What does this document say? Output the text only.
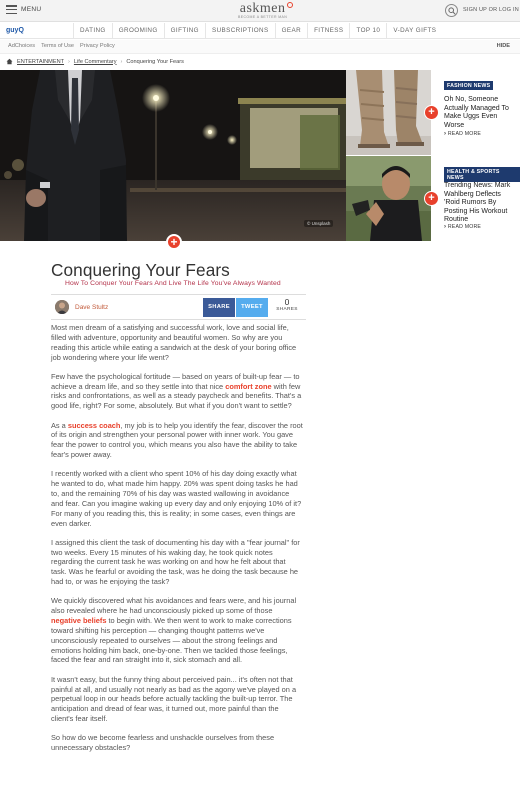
MENU	askmen
BECOME A BETTER MAN
SIGN UP OR LOG IN
guyQ	DATING	GROOMING	GIFTING	SUBSCRIPTIONS	GEAR	FITNESS	TOP 10	V-DAY GIFTS
AdChoices Terms of Use Privacy Policy	HIDE
ENTERTAINMENT › Life Commentary › Conquering Your Fears
© Unsplash
+
+
FASHION NEWS
Oh No, Someone Actually Managed To Make Uggs Even Worse
› READ MORE
+
HEALTH & SPORTS NEWS
Trending News: Mark Wahlberg Deflects 'Roid Rumors By Posting His Workout Routine
› READ MORE
Conquering Your Fears
How To Conquer Your Fears And Live The Life You've Always Wanted
Dave Stultz	SHARE	TWEET	0
SHARES

Most men dream of a satisfying and successful work, love and social life, filled with adventure, opportunity and beautiful women. So why are you reading this article while eating a sandwich at the desk of your boring office job wondering where your life went?

Few have the psychological fortitude — based on years of built-up fear — to achieve a dream life, and so they settle into that nice comfort zone with few risks and confrontations, as well as a steady paycheck and benefits. That's a good life, right? For some, absolutely. But what if you don't want to settle?

As a success coach, my job is to help you identify the fear, discover the root of its origin and strengthen your personal power with inner work. You gave fear the power to control you, which means you also have the ability to take fear's power away.

I recently worked with a client who spent 10% of his day doing exactly what he wanted to do, what made him happy. 20% was spent doing tasks he had to, and the remaining 70% of his day was wasted wallowing in avoidance and fear. Can you imagine waking up every day and only enjoying 10% of it? For many of you reading this, this is reality; in some cases, even things are even darker.

I assigned this client the task of documenting his day with a "fear journal" for two weeks. Every 15 minutes of his waking day, he took quick notes regarding the current task he was working on and how he felt about that task. Was he fearful or avoiding the task, was he doing the task because he had to, or was he enjoying the task?

We quickly discovered what his avoidances and fears were, and his journal also revealed where he had unconsciously picked up some of those negative beliefs to begin with. We then went to work to make corrections toward shifting his perception — changing thought patterns we've unconsciously repeated to ourselves — about the strong feelings and emotions holding him back, one-by-one. Then we tackled those feelings, faced the fear and ran straight into it, sick stomach and all.

It wasn't easy, but the funny thing about perceived pain... it's often not that painful at all, and usually not nearly as bad as the agony we've played on a perpetual loop in our heads before actually tackling the built-up terror. The anticipation and dread of fear was, it turned out, more painful than the client's fear itself.

So how do we become fearless and unshackle ourselves from these unnecessary obstacles?
